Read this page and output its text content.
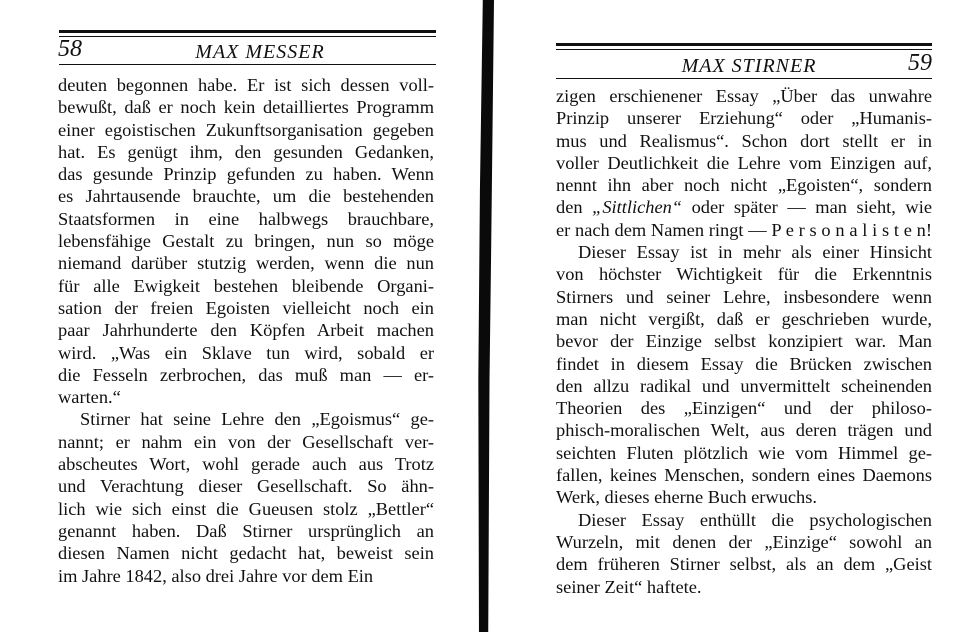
58	MAX MESSER
deuten begonnen habe. Er ist sich dessen voll-
bewußt, daß er noch kein detailliertes Programm
einer egoistischen Zukunftsorganisation gegeben
hat. Es genügt ihm, den gesunden Gedanken,
das gesunde Prinzip gefunden zu haben. Wenn
es Jahrtausende brauchte, um die bestehenden
Staatsformen in eine halbwegs brauchbare,
lebensfähige Gestalt zu bringen, nun so möge
niemand darüber stutzig werden, wenn die nun
für alle Ewigkeit bestehen bleibende Organi-
sation der freien Egoisten vielleicht noch ein
paar Jahrhunderte den Köpfen Arbeit machen
wird. „Was ein Sklave tun wird, sobald er
die Fesseln zerbrochen, das muß man — er-
warten.“
Stirner hat seine Lehre den „Egoismus“ ge-
nannt; er nahm ein von der Gesellschaft ver-
abscheutes Wort, wohl gerade auch aus Trotz
und Verachtung dieser Gesellschaft. So ähn-
lich wie sich einst die Gueusen stolz „Bettler“
genannt haben. Daß Stirner ursprünglich an
diesen Namen nicht gedacht hat, beweist sein
im Jahre 1842, also drei Jahre vor dem Ein
MAX STIRNER	59
zigen erschienener Essay „Über das unwahre
Prinzip unserer Erziehung“ oder „Humanis-
mus und Realismus“. Schon dort stellt er in
voller Deutlichkeit die Lehre vom Einzigen auf,
nennt ihn aber noch nicht „Egoisten“, sondern
den „Sittlichen“ oder später — man sieht, wie
er nach dem Namen ringt — P e r s o n a l i s t e n!
Dieser Essay ist in mehr als einer Hinsicht
von höchster Wichtigkeit für die Erkenntnis
Stirners und seiner Lehre, insbesondere wenn
man nicht vergißt, daß er geschrieben wurde,
bevor der Einzige selbst konzipiert war. Man
findet in diesem Essay die Brücken zwischen
den allzu radikal und unvermittelt scheinenden
Theorien des „Einzigen“ und der philoso-
phisch-moralischen Welt, aus deren trägen und
seichten Fluten plötzlich wie vom Himmel ge-
fallen, keines Menschen, sondern eines Daemons
Werk, dieses eherne Buch erwuchs.
Dieser Essay enthüllt die psychologischen
Wurzeln, mit denen der „Einzige“ sowohl an
dem früheren Stirner selbst, als an dem „Geist
seiner Zeit“ haftete.
